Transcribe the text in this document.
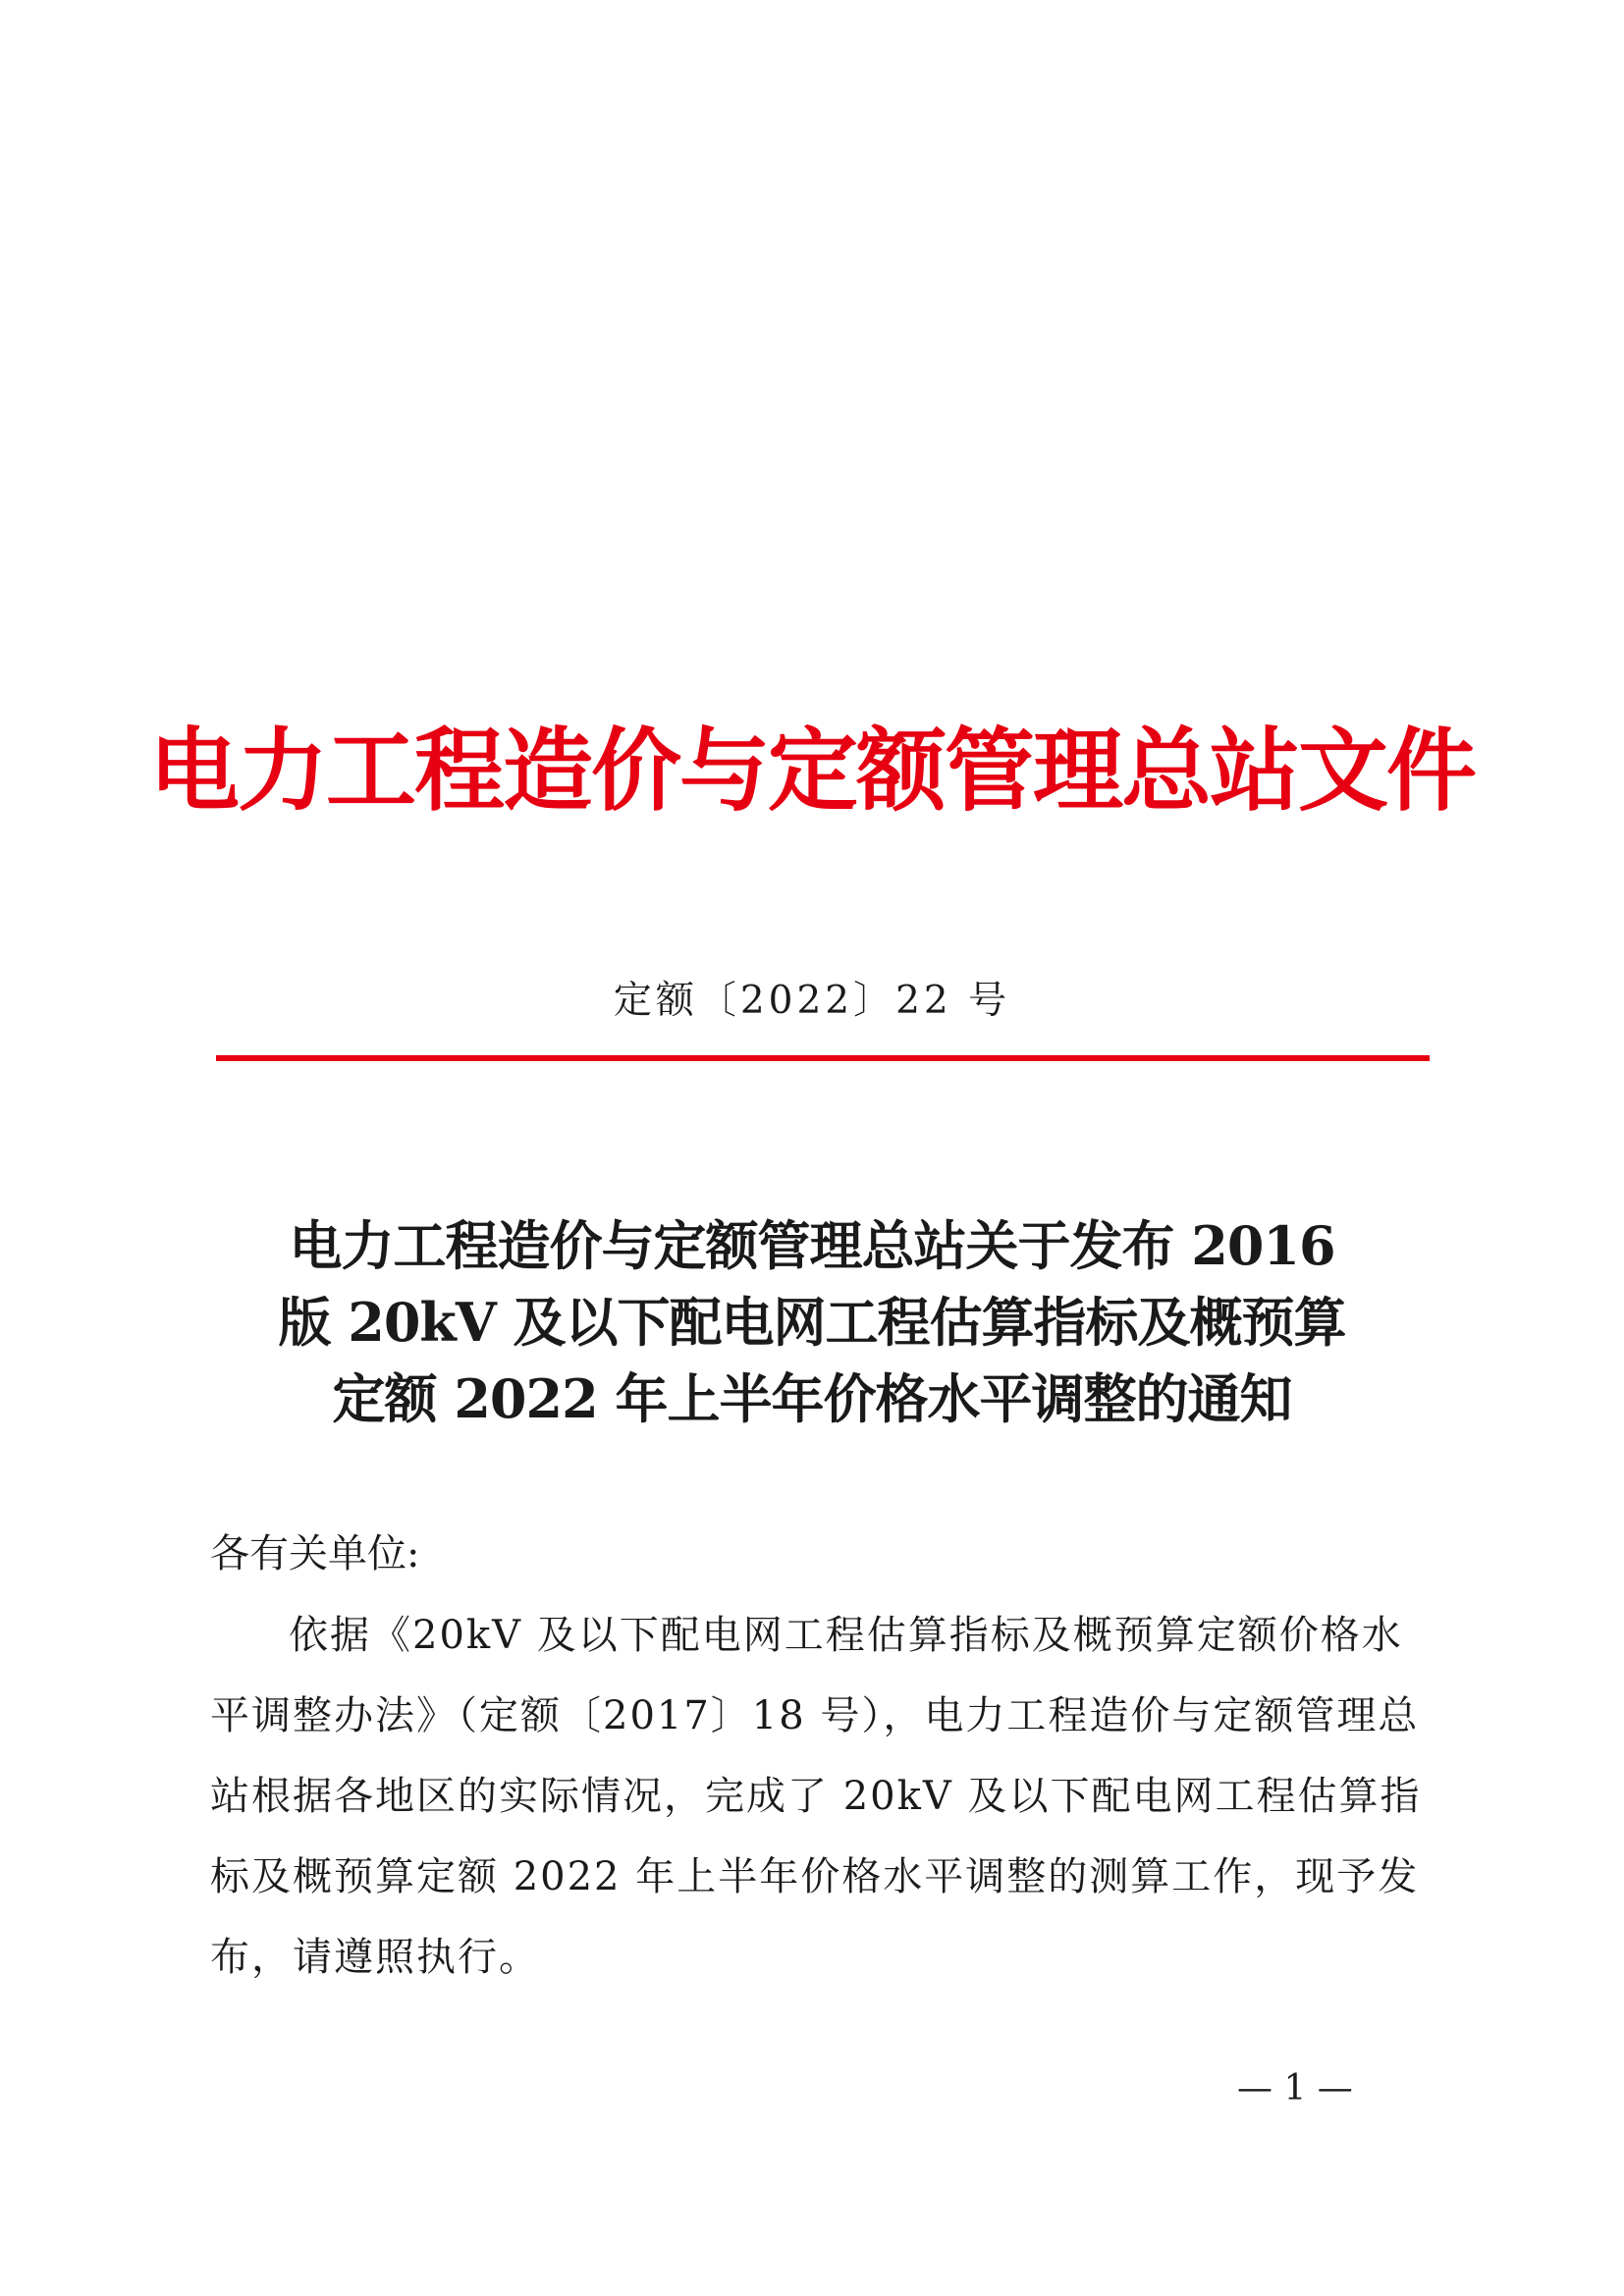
电力工程造价与定额管理总站文件
定额〔2022〕22 号
电力工程造价与定额管理总站关于发布 2016
版 20kV 及以下配电网工程估算指标及概预算
定额 2022 年上半年价格水平调整的通知
各有关单位:
依据《20kV 及以下配电网工程估算指标及概预算定额价格水
平调整办法》（定额〔2017〕18 号），电力工程造价与定额管理总
站根据各地区的实际情况，完成了 20kV 及以下配电网工程估算指
标及概预算定额 2022 年上半年价格水平调整的测算工作，现予发
布，请遵照执行。
— 1 —
